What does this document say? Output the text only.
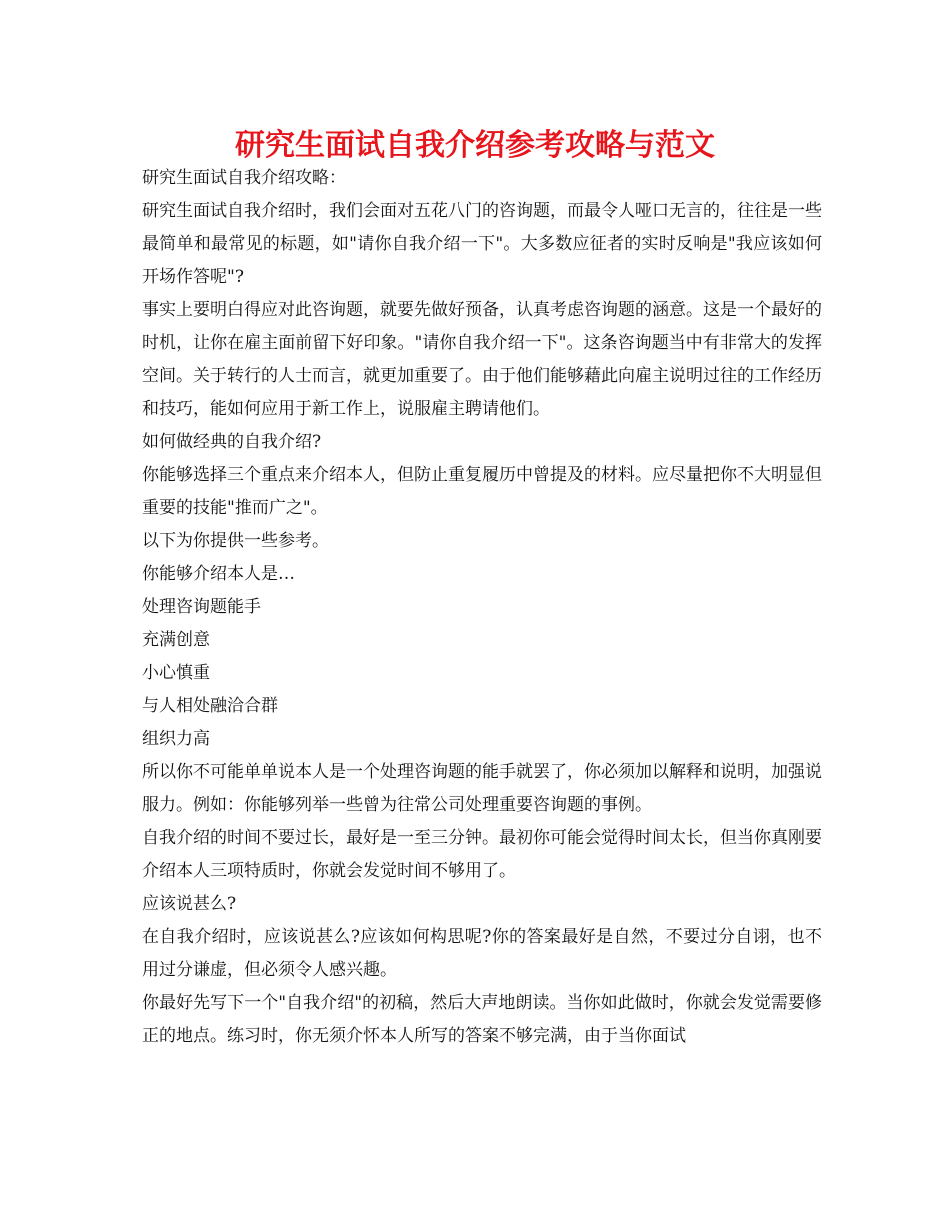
研究生面试自我介绍参考攻略与范文

研究生面试自我介绍攻略：

研究生面试自我介绍时，我们会面对五花八门的咨询题，而最令人哑口无言的，往往是一些最简单和最常见的标题，如"请你自我介绍一下"。大多数应征者的实时反响是"我应该如何开场作答呢"?

事实上要明白得应对此咨询题，就要先做好预备，认真考虑咨询题的涵意。这是一个最好的时机，让你在雇主面前留下好印象。"请你自我介绍一下"。这条咨询题当中有非常大的发挥空间。关于转行的人士而言，就更加重要了。由于他们能够藉此向雇主说明过往的工作经历和技巧，能如何应用于新工作上，说服雇主聘请他们。

如何做经典的自我介绍?

你能够选择三个重点来介绍本人，但防止重复履历中曾提及的材料。应尽量把你不大明显但重要的技能"推而广之"。

以下为你提供一些参考。

你能够介绍本人是…

处理咨询题能手

充满创意

小心慎重

与人相处融洽合群

组织力高

所以你不可能单单说本人是一个处理咨询题的能手就罢了，你必须加以解释和说明，加强说服力。例如：你能够列举一些曾为往常公司处理重要咨询题的事例。

自我介绍的时间不要过长，最好是一至三分钟。最初你可能会觉得时间太长，但当你真刚要介绍本人三项特质时，你就会发觉时间不够用了。

应该说甚么?

在自我介绍时，应该说甚么?应该如何构思呢?你的答案最好是自然，不要过分自诩，也不用过分谦虚，但必须令人感兴趣。

你最好先写下一个"自我介绍"的初稿，然后大声地朗读。当你如此做时，你就会发觉需要修正的地点。练习时，你无须介怀本人所写的答案不够完满，由于当你面试
